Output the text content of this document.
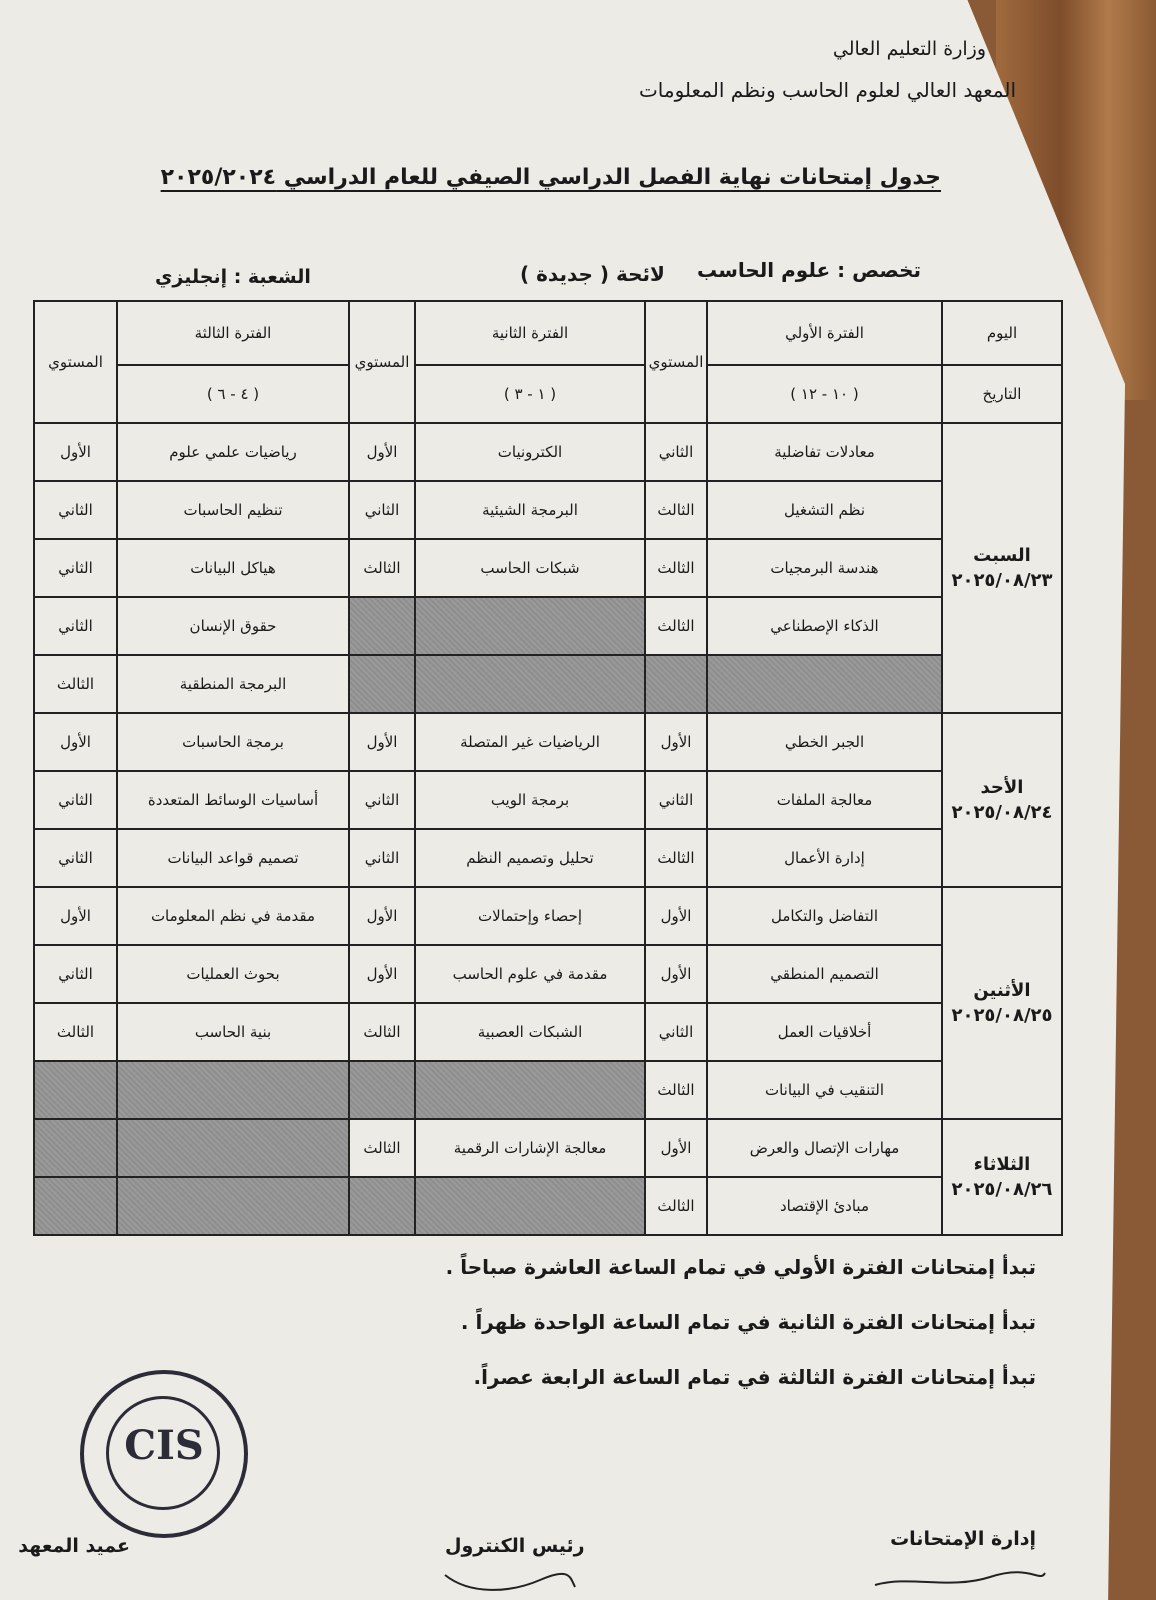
وزارة التعليم العالي
المعهد العالي لعلوم الحاسب ونظم المعلومات
جدول إمتحانات نهاية الفصل الدراسي الصيفي للعام الدراسي ٢٠٢٥/٢٠٢٤
تخصص : علوم الحاسب
لائحة ( جديدة )
الشعبة : إنجليزي
اليوم	الفترة الأولي	المستوي	الفترة الثانية	المستوي	الفترة الثالثة	المستوي
التاريخ	( ١٠ - ١٢ )		( ١ - ٣ )		( ٤ - ٦ )	

السبت
٢٠٢٥/٠٨/٢٣	معادلات تفاضلية	الثاني	الكترونيات	الأول	رياضيات علمي علوم	الأول
	نظم التشغيل	الثالث	البرمجة الشيئية	الثاني	تنظيم الحاسبات	الثاني
	هندسة البرمجيات	الثالث	شبكات الحاسب	الثالث	هياكل البيانات	الثاني
	الذكاء الإصطناعي	الثالث			حقوق الإنسان	الثاني
					البرمجة المنطقية	الثالث

الأحد
٢٠٢٥/٠٨/٢٤	الجبر الخطي	الأول	الرياضيات غير المتصلة	الأول	برمجة الحاسبات	الأول
	معالجة الملفات	الثاني	برمجة الويب	الثاني	أساسيات الوسائط المتعددة	الثاني
	إدارة الأعمال	الثالث	تحليل وتصميم النظم	الثاني	تصميم قواعد البيانات	الثاني

الأثنين
٢٠٢٥/٠٨/٢٥	التفاضل والتكامل	الأول	إحصاء وإحتمالات	الأول	مقدمة في نظم المعلومات	الأول
	التصميم المنطقي	الأول	مقدمة في علوم الحاسب	الأول	بحوث العمليات	الثاني
	أخلاقيات العمل	الثاني	الشبكات العصبية	الثالث	بنية الحاسب	الثالث
	التنقيب في البيانات	الثالث				

الثلاثاء
٢٠٢٥/٠٨/٢٦	مهارات الإتصال والعرض	الأول	معالجة الإشارات الرقمية	الثالث		
	مبادئ الإقتصاد	الثالث				
تبدأ إمتحانات الفترة الأولي في تمام الساعة العاشرة صباحاً .
تبدأ إمتحانات الفترة الثانية في تمام الساعة الواحدة ظهراً .
تبدأ إمتحانات الفترة الثالثة في تمام الساعة الرابعة عصراً.
إدارة الإمتحانات
رئيس الكنترول
عميد المعهد
CIS
